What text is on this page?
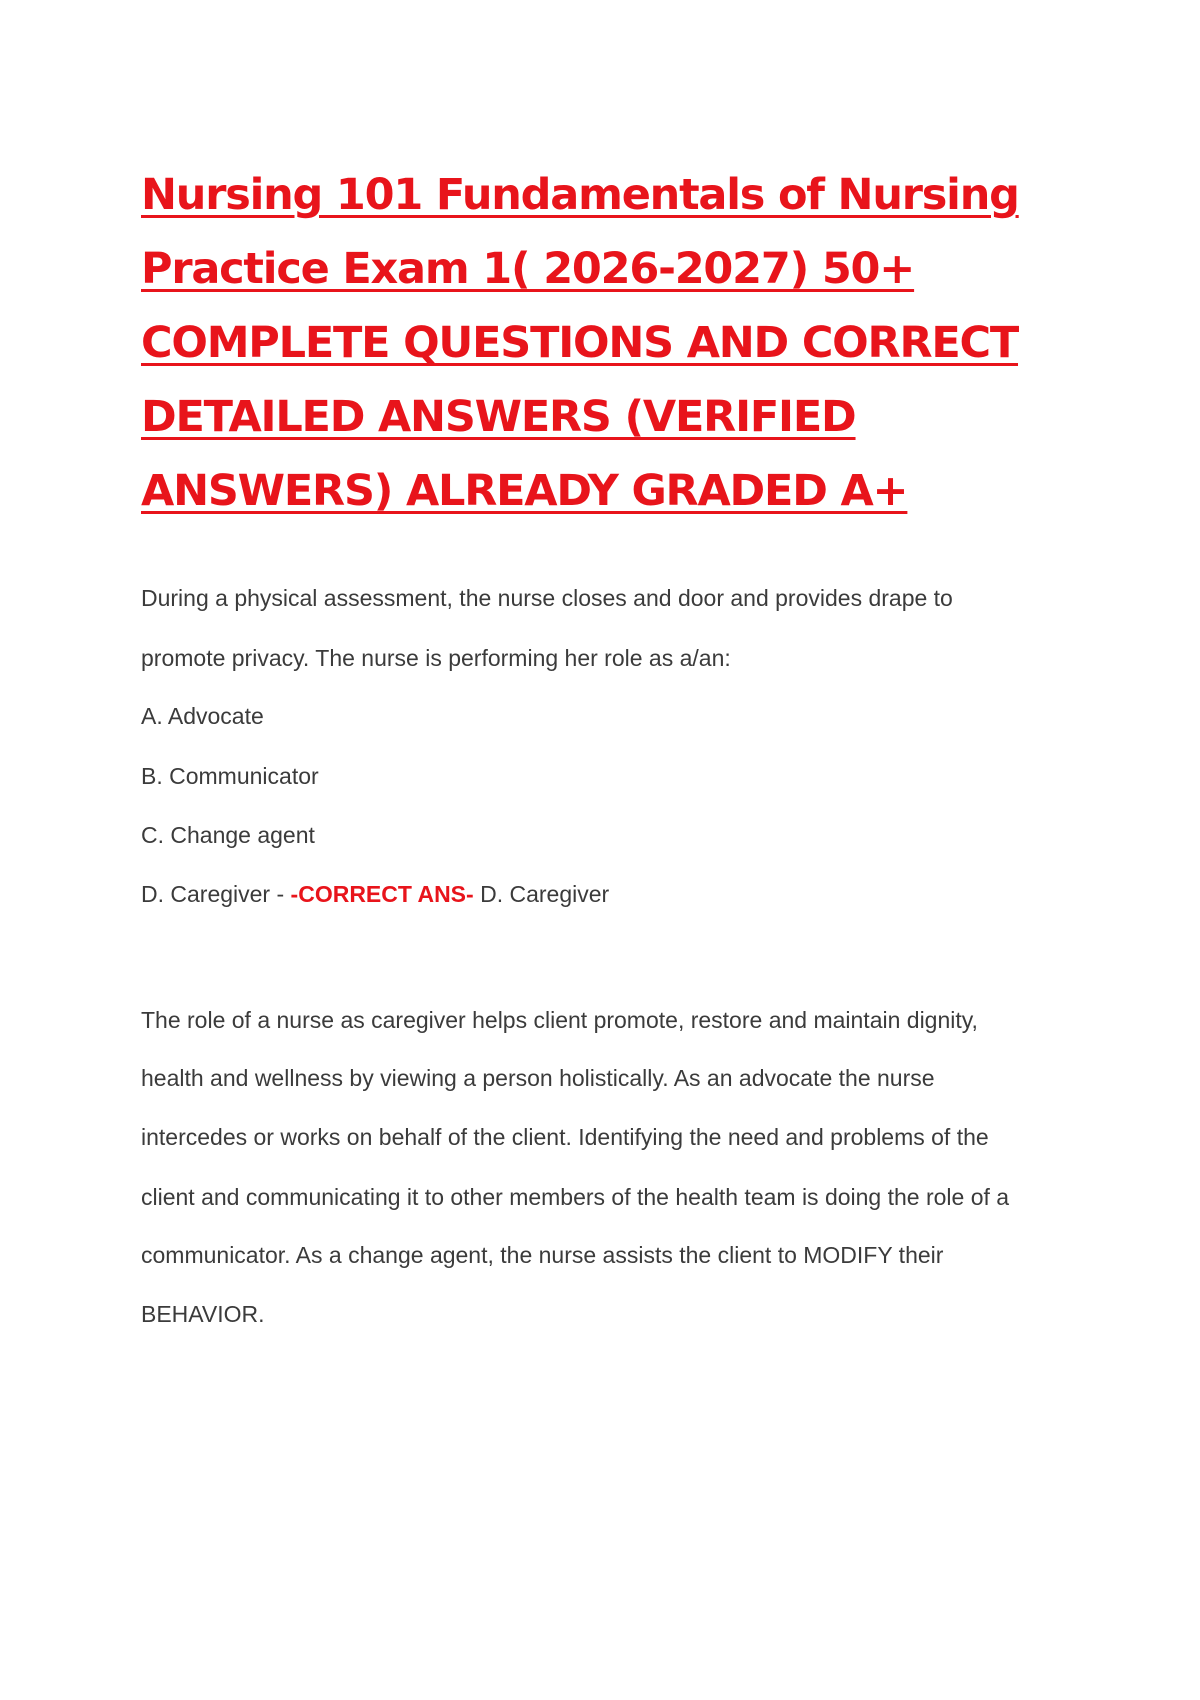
Nursing 101 Fundamentals of Nursing
Practice Exam 1( 2026-2027) 50+
COMPLETE QUESTIONS AND CORRECT
DETAILED ANSWERS (VERIFIED
ANSWERS) ALREADY GRADED A+
During a physical assessment, the nurse closes and door and provides drape to
promote privacy. The nurse is performing her role as a/an:
A. Advocate
B. Communicator
C. Change agent
D. Caregiver - -CORRECT ANS- D. Caregiver
The role of a nurse as caregiver helps client promote, restore and maintain dignity,
health and wellness by viewing a person holistically. As an advocate the nurse
intercedes or works on behalf of the client. Identifying the need and problems of the
client and communicating it to other members of the health team is doing the role of a
communicator. As a change agent, the nurse assists the client to MODIFY their
BEHAVIOR.
